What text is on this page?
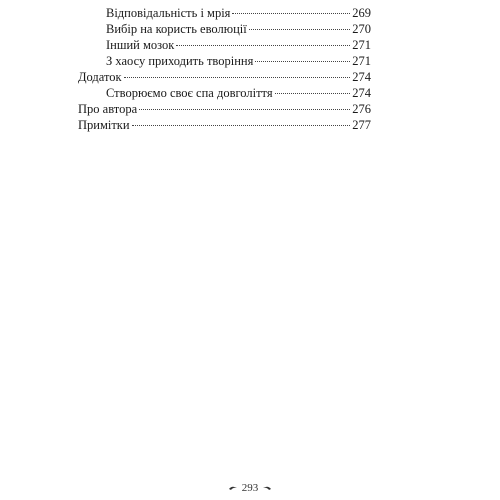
Відповідальність і мрія	269
Вибір на користь еволюції	270
Інший мозок	271
З хаосу приходить творіння	271
Додаток	274
Створюємо своє спа довголіття	274
Про автора	276
Примітки	277
293
